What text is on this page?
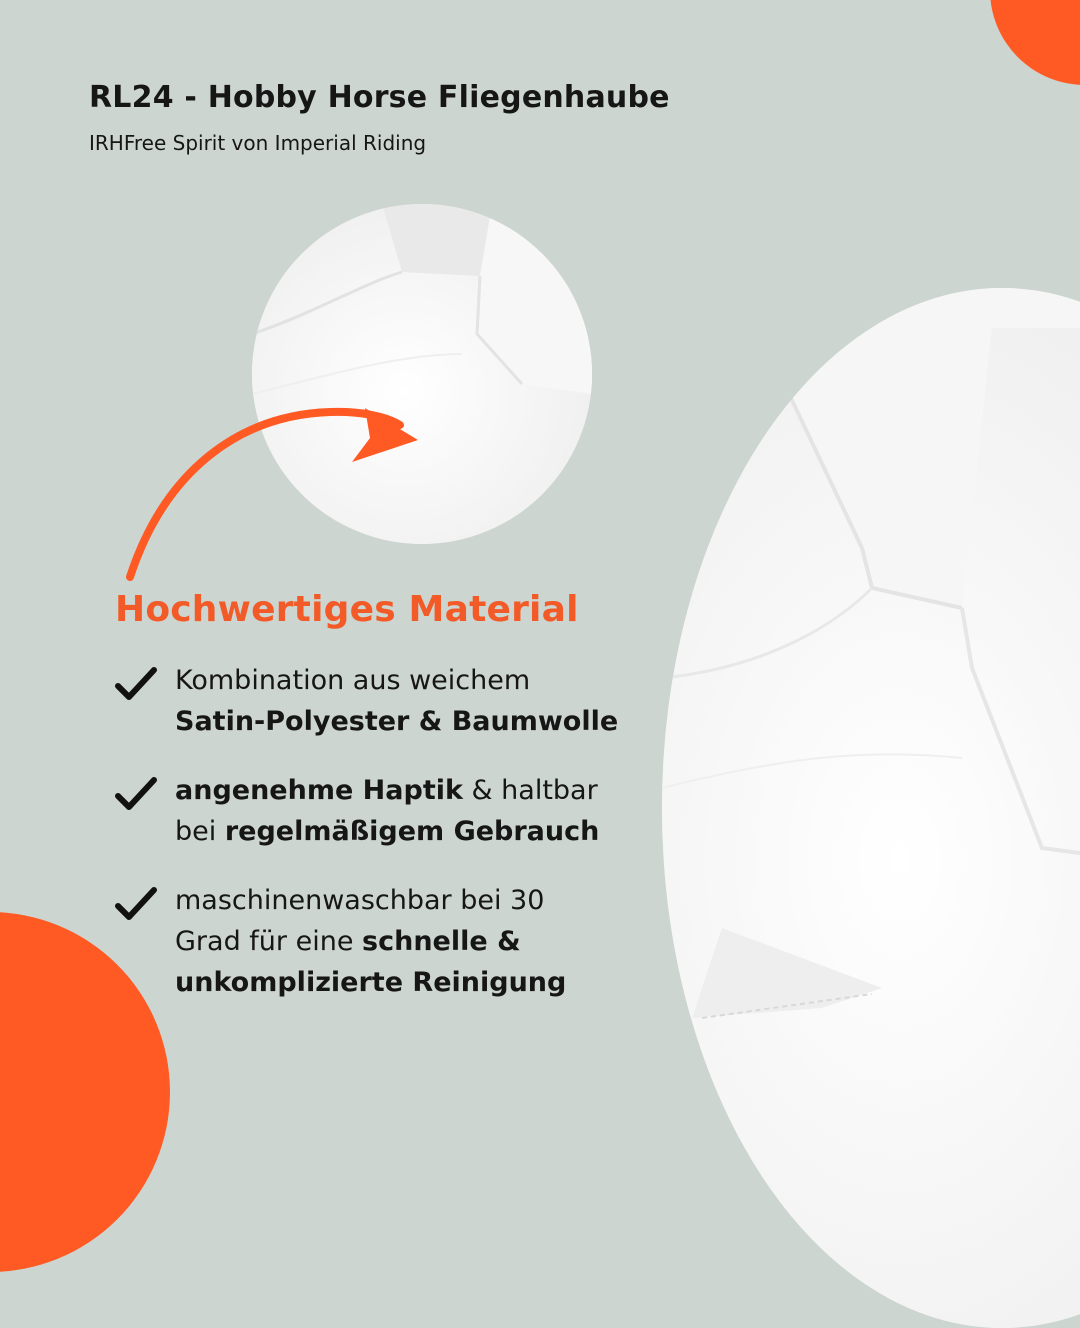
RL24 - Hobby Horse Fliegenhaube

IRHFree Spirit von Imperial Riding

Hochwertiges Material
Kombination aus weichem
Satin-Polyester & Baumwolle
angenehme Haptik & haltbar
bei regelmäßigem Gebrauch
maschinenwaschbar bei 30
Grad für eine schnelle &
unkomplizierte Reinigung
